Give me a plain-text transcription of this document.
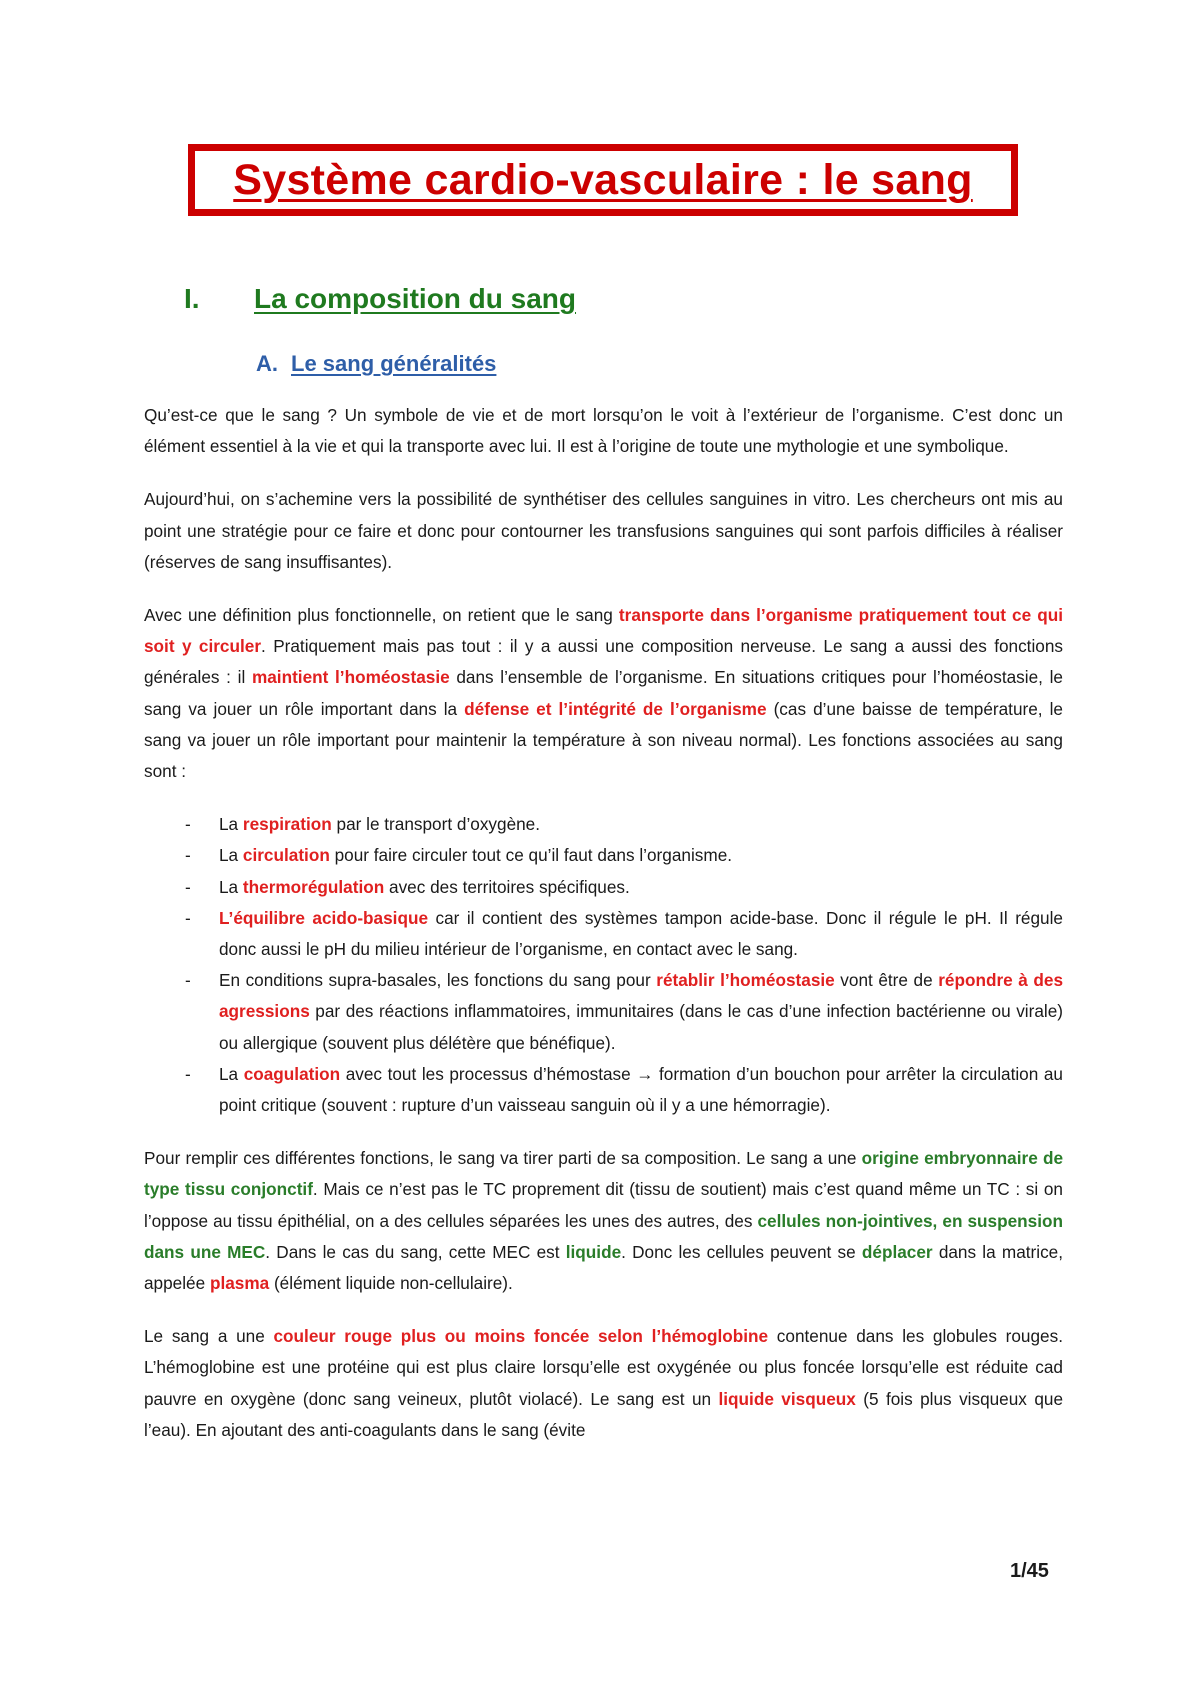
Système cardio-vasculaire : le sang
I. La composition du sang
A. Le sang généralités

Qu’est-ce que le sang ? Un symbole de vie et de mort lorsqu’on le voit à l’extérieur de l’organisme. C’est donc un élément essentiel à la vie et qui la transporte avec lui. Il est à l’origine de toute une mythologie et une symbolique.

Aujourd’hui, on s’achemine vers la possibilité de synthétiser des cellules sanguines in vitro. Les chercheurs ont mis au point une stratégie pour ce faire et donc pour contourner les transfusions sanguines qui sont parfois difficiles à réaliser (réserves de sang insuffisantes).

Avec une définition plus fonctionnelle, on retient que le sang transporte dans l’organisme pratiquement tout ce qui soit y circuler. Pratiquement mais pas tout : il y a aussi une composition nerveuse. Le sang a aussi des fonctions générales : il maintient l’homéostasie dans l’ensemble de l’organisme. En situations critiques pour l’homéostasie, le sang va jouer un rôle important dans la défense et l’intégrité de l’organisme (cas d’une baisse de température, le sang va jouer un rôle important pour maintenir la température à son niveau normal). Les fonctions associées au sang sont :

- La respiration par le transport d’oxygène.
- La circulation pour faire circuler tout ce qu’il faut dans l’organisme.
- La thermorégulation avec des territoires spécifiques.
- L’équilibre acido-basique car il contient des systèmes tampon acide-base. Donc il régule le pH. Il régule donc aussi le pH du milieu intérieur de l’organisme, en contact avec le sang.
- En conditions supra-basales, les fonctions du sang pour rétablir l’homéostasie vont être de répondre à des agressions par des réactions inflammatoires, immunitaires (dans le cas d’une infection bactérienne ou virale) ou allergique (souvent plus délétère que bénéfique).
- La coagulation avec tout les processus d’hémostase → formation d’un bouchon pour arrêter la circulation au point critique (souvent : rupture d’un vaisseau sanguin où il y a une hémorragie).

Pour remplir ces différentes fonctions, le sang va tirer parti de sa composition. Le sang a une origine embryonnaire de type tissu conjonctif. Mais ce n’est pas le TC proprement dit (tissu de soutient) mais c’est quand même un TC : si on l’oppose au tissu épithélial, on a des cellules séparées les unes des autres, des cellules non-jointives, en suspension dans une MEC. Dans le cas du sang, cette MEC est liquide. Donc les cellules peuvent se déplacer dans la matrice, appelée plasma (élément liquide non-cellulaire).

Le sang a une couleur rouge plus ou moins foncée selon l’hémoglobine contenue dans les globules rouges. L’hémoglobine est une protéine qui est plus claire lorsqu’elle est oxygénée ou plus foncée lorsqu’elle est réduite cad pauvre en oxygène (donc sang veineux, plutôt violacé). Le sang est un liquide visqueux (5 fois plus visqueux que l’eau). En ajoutant des anti-coagulants dans le sang (évite

1/45
